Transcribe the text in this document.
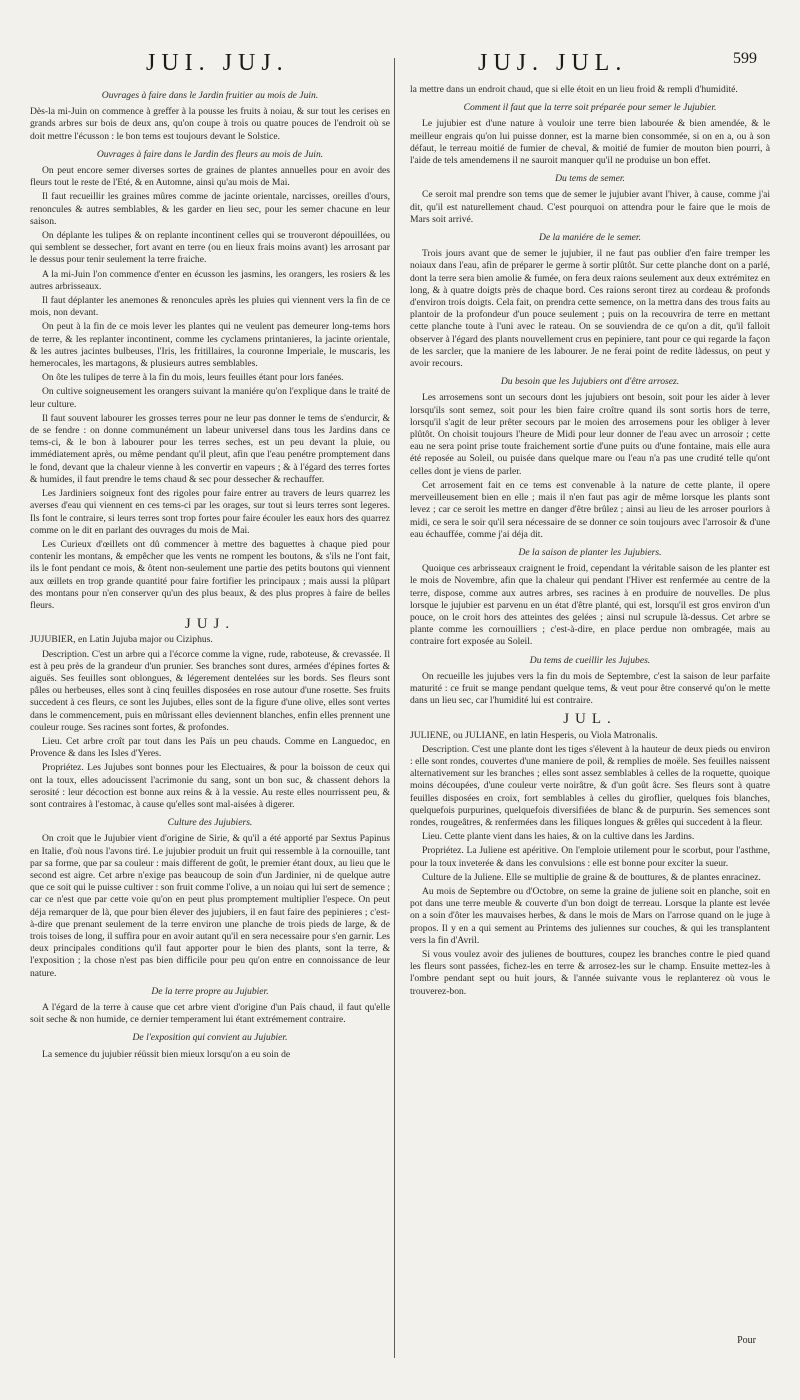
JUI. JUJ.	JUJ. JUL.	599
Ouvrages à faire dans le Jardin fruitier au mois de Juin.

Dès-la mi-Juin on commence à greffer à la pousse les fruits à noiau, & sur tout les cerises en grands arbres sur bois de deux ans, qu'on coupe à trois ou quatre pouces de l'endroit où se doit mettre l'écusson : le bon tems est toujours devant le Solstice.

Ouvrages à faire dans le Jardin des fleurs au mois de Juin.

On peut encore semer diverses sortes de graines de plantes annuelles pour en avoir des fleurs tout le reste de l'Eté, & en Automne, ainsi qu'au mois de Mai.

Il faut recueillir les graines mûres comme de jacinte orientale, narcisses, oreilles d'ours, renoncules & autres semblables, & les garder en lieu sec, pour les semer chacune en leur saison.

On déplante les tulipes & on replante incontinent celles qui se trouveront dépouillées, ou qui semblent se dessecher, fort avant en terre (ou en lieux frais moins avant) les arrosant par le dessus pour tenir seulement la terre fraiche.

A la mi-Juin l'on commence d'enter en écusson les jasmins, les orangers, les rosiers & les autres arbrisseaux.

Il faut déplanter les anemones & renoncules après les pluies qui viennent vers la fin de ce mois, non devant.

On peut à la fin de ce mois lever les plantes qui ne veulent pas demeurer long-tems hors de terre, & les replanter incontinent, comme les cyclamens printanieres, la jacinte orientale, & les autres jacintes bulbeuses, l'Iris, les fritillaires, la couronne Imperiale, le muscaris, les hemerocales, les martagons, & plusieurs autres semblables.

On ôte les tulipes de terre à la fin du mois, leurs feuilles étant pour lors fanées.

On cultive soigneusement les orangers suivant la maniére qu'on l'explique dans le traité de leur culture.

Il faut souvent labourer les grosses terres pour ne leur pas donner le tems de s'endurcir, & de se fendre : on donne communément un labeur universel dans tous les Jardins dans ce tems-ci, & le bon à labourer pour les terres seches, est un peu devant la pluie, ou immédiatement après, ou même pendant qu'il pleut, afin que l'eau penétre promptement dans le fond, devant que la chaleur vienne à les convertir en vapeurs ; & à l'égard des terres fortes & humides, il faut prendre le tems chaud & sec pour dessecher & rechauffer.

Les Jardiniers soigneux font des rigoles pour faire entrer au travers de leurs quarrez les averses d'eau qui viennent en ces tems-ci par les orages, sur tout si leurs terres sont legeres. Ils font le contraire, si leurs terres sont trop fortes pour faire écouler les eaux hors des quarrez comme on le dit en parlant des ouvrages du mois de Mai.

Les Curieux d'œillets ont dû commencer à mettre des baguettes à chaque pied pour contenir les montans, & empêcher que les vents ne rompent les boutons, & s'ils ne l'ont fait, ils le font pendant ce mois, & ôtent non-seulement une partie des petits boutons qui viennent aux œillets en trop grande quantité pour faire fortifier les principaux ; mais aussi la plûpart des montans pour n'en conserver qu'un des plus beaux, & des plus propres à faire de belles fleurs.

JUJ.

JUJUBIER, en Latin Jujuba major ou Ciziphus.

Description. C'est un arbre qui a l'écorce comme la vigne, rude, raboteuse, & crevassée. Il est à peu près de la grandeur d'un prunier. Ses branches sont dures, armées d'épines fortes & aiguës. Ses feuilles sont oblongues, & légerement dentelées sur les bords. Ses fleurs sont pâles ou herbeuses, elles sont à cinq feuilles disposées en rose autour d'une rosette. Ses fruits succedent à ces fleurs, ce sont les Jujubes, elles sont de la figure d'une olive, elles sont vertes dans le commencement, puis en mûrissant elles deviennent blanches, enfin elles prennent une couleur rouge. Ses racines sont fortes, & profondes.

Lieu. Cet arbre croît par tout dans les Païs un peu chauds. Comme en Languedoc, en Provence & dans les Isles d'Yeres.

Propriétez. Les Jujubes sont bonnes pour les Electuaires, & pour la boisson de ceux qui ont la toux, elles adoucissent l'acrimonie du sang, sont un bon suc, & chassent dehors la serosité : leur décoction est bonne aux reins & à la vessie. Au reste elles nourrissent peu, & sont contraires à l'estomac, à cause qu'elles sont mal-aisées à digerer.

Culture des Jujubiers.

On croit que le Jujubier vient d'origine de Sirie, & qu'il a été apporté par Sextus Papinus en Italie, d'où nous l'avons tiré. Le jujubier produit un fruit qui ressemble à la cornouille, tant par sa forme, que par sa couleur : mais different de goût, le premier étant doux, au lieu que le second est aigre. Cet arbre n'exige pas beaucoup de soin d'un Jardinier, ni de quelque autre que ce soit qui le puisse cultiver : son fruit comme l'olive, a un noiau qui lui sert de semence ; car ce n'est que par cette voie qu'on en peut plus promptement multiplier l'espece. On peut déja remarquer de là, que pour bien élever des jujubiers, il en faut faire des pepinieres ; c'est-à-dire que prenant seulement de la terre environ une planche de trois pieds de large, & de trois toises de long, il suffira pour en avoir autant qu'il en sera necessaire pour s'en garnir. Les deux principales conditions qu'il faut apporter pour le bien des plants, sont la terre, & l'exposition ; la chose n'est pas bien difficile pour peu qu'on entre en connoissance de leur nature.

De la terre propre au Jujubier.

A l'égard de la terre à cause que cet arbre vient d'origine d'un Païs chaud, il faut qu'elle soit seche & non humide, ce dernier temperament lui étant extrémement contraire.

De l'exposition qui convient au Jujubier.

La semence du jujubier réüssit bien mieux lorsqu'on a eu soin de

la mettre dans un endroit chaud, que si elle étoit en un lieu froid & rempli d'humidité.

Comment il faut que la terre soit préparée pour semer le Jujubier.

Le jujubier est d'une nature à vouloir une terre bien labourée & bien amendée, & le meilleur engrais qu'on lui puisse donner, est la marne bien consommée, si on en a, ou à son défaut, le terreau moitié de fumier de cheval, & moitié de fumier de mouton bien pourri, à l'aide de tels amendemens il ne sauroit manquer qu'il ne produise un bon effet.

Du tems de semer.

Ce seroit mal prendre son tems que de semer le jujubier avant l'hiver, à cause, comme j'ai dit, qu'il est naturellement chaud. C'est pourquoi on attendra pour le faire que le mois de Mars soit arrivé.

De la maniére de le semer.

Trois jours avant que de semer le jujubier, il ne faut pas oublier d'en faire tremper les noiaux dans l'eau, afin de préparer le germe à sortir plûtôt. Sur cette planche dont on a parlé, dont la terre sera bien amolie & fumée, on fera deux raions seulement aux deux extrémitez en long, & à quatre doigts près de chaque bord. Ces raions seront tirez au cordeau & profonds d'environ trois doigts. Cela fait, on prendra cette semence, on la mettra dans des trous faits au plantoir de la profondeur d'un pouce seulement ; puis on la recouvrira de terre en mettant cette planche toute à l'uni avec le rateau. On se souviendra de ce qu'on a dit, qu'il falloit observer à l'égard des plants nouvellement crus en pepiniere, tant pour ce qui regarde la façon de les sarcler, que la maniere de les labourer. Je ne ferai point de redite làdessus, on peut y avoir recours.

Du besoin que les Jujubiers ont d'être arrosez.

Les arrosemens sont un secours dont les jujubiers ont besoin, soit pour les aider à lever lorsqu'ils sont semez, soit pour les bien faire croître quand ils sont sortis hors de terre, lorsqu'il s'agit de leur prêter secours par le moien des arrosemens pour les obliger à lever plûtôt. On choisit toujours l'heure de Midi pour leur donner de l'eau avec un arrosoir ; cette eau ne sera point prise toute fraichement sortie d'une puits ou d'une fontaine, mais elle aura été reposée au Soleil, ou puisée dans quelque mare ou l'eau n'a pas une crudité telle qu'ont celles dont je viens de parler.

Cet arrosement fait en ce tems est convenable à la nature de cette plante, il opere merveilleusement bien en elle ; mais il n'en faut pas agir de même lorsque les plants sont levez ; car ce seroit les mettre en danger d'être brûlez ; ainsi au lieu de les arroser pourlors à midi, ce sera le soir qu'il sera nécessaire de se donner ce soin toujours avec l'arrosoir & d'une eau échauffée, comme j'ai déja dit.

De la saison de planter les Jujubiers.

Quoique ces arbrisseaux craignent le froid, cependant la véritable saison de les planter est le mois de Novembre, afin que la chaleur qui pendant l'Hiver est renfermée au centre de la terre, dispose, comme aux autres arbres, ses racines à en produire de nouvelles. De plus lorsque le jujubier est parvenu en un état d'être planté, qui est, lorsqu'il est gros environ d'un pouce, on le croit hors des atteintes des gelées ; ainsi nul scrupule là-dessus. Cet arbre se plante comme les cornouilliers ; c'est-à-dire, en place perdue non ombragée, mais au contraire fort exposée au Soleil.

Du tems de cueillir les Jujubes.

On recueille les jujubes vers la fin du mois de Septembre, c'est la saison de leur parfaite maturité : ce fruit se mange pendant quelque tems, & veut pour être conservé qu'on le mette dans un lieu sec, car l'humidité lui est contraire.

JUL.

JULIENE, ou JULIANE, en latin Hesperis, ou Viola Matronalis.

Description. C'est une plante dont les tiges s'élevent à la hauteur de deux pieds ou environ : elle sont rondes, couvertes d'une maniere de poil, & remplies de moële. Ses feuilles naissent alternativement sur les branches ; elles sont assez semblables à celles de la roquette, quoique moins découpées, d'une couleur verte noirâtre, & d'un goût âcre. Ses fleurs sont à quatre feuilles disposées en croix, fort semblables à celles du giroflier, quelques fois blanches, quelquefois purpurines, quelquefois diversifiées de blanc & de purpurin. Ses semences sont rondes, rougeâtres, & renfermées dans les filiques longues & grêles qui succedent à la fleur.

Lieu. Cette plante vient dans les haies, & on la cultive dans les Jardins.

Propriétez. La Juliene est apéritive. On l'emploie utilement pour le scorbut, pour l'asthme, pour la toux inveterée & dans les convulsions : elle est bonne pour exciter la sueur.

Culture de la Juliene. Elle se multiplie de graine & de bouttures, & de plantes enracinez.

Au mois de Septembre ou d'Octobre, on seme la graine de juliene soit en planche, soit en pot dans une terre meuble & couverte d'un bon doigt de terreau. Lorsque la plante est levée on a soin d'ôter les mauvaises herbes, & dans le mois de Mars on l'arrose quand on le juge à propos. Il y en a qui sement au Printems des juliennes sur couches, & qui les transplantent vers la fin d'Avril.

Si vous voulez avoir des julienes de bouttures, coupez les branches contre le pied quand les fleurs sont passées, fichez-les en terre & arrosez-les sur le champ. Ensuite mettez-les à l'ombre pendant sept ou huit jours, & l'année suivante vous le replanterez où vous le trouverez-bon.

Pour
